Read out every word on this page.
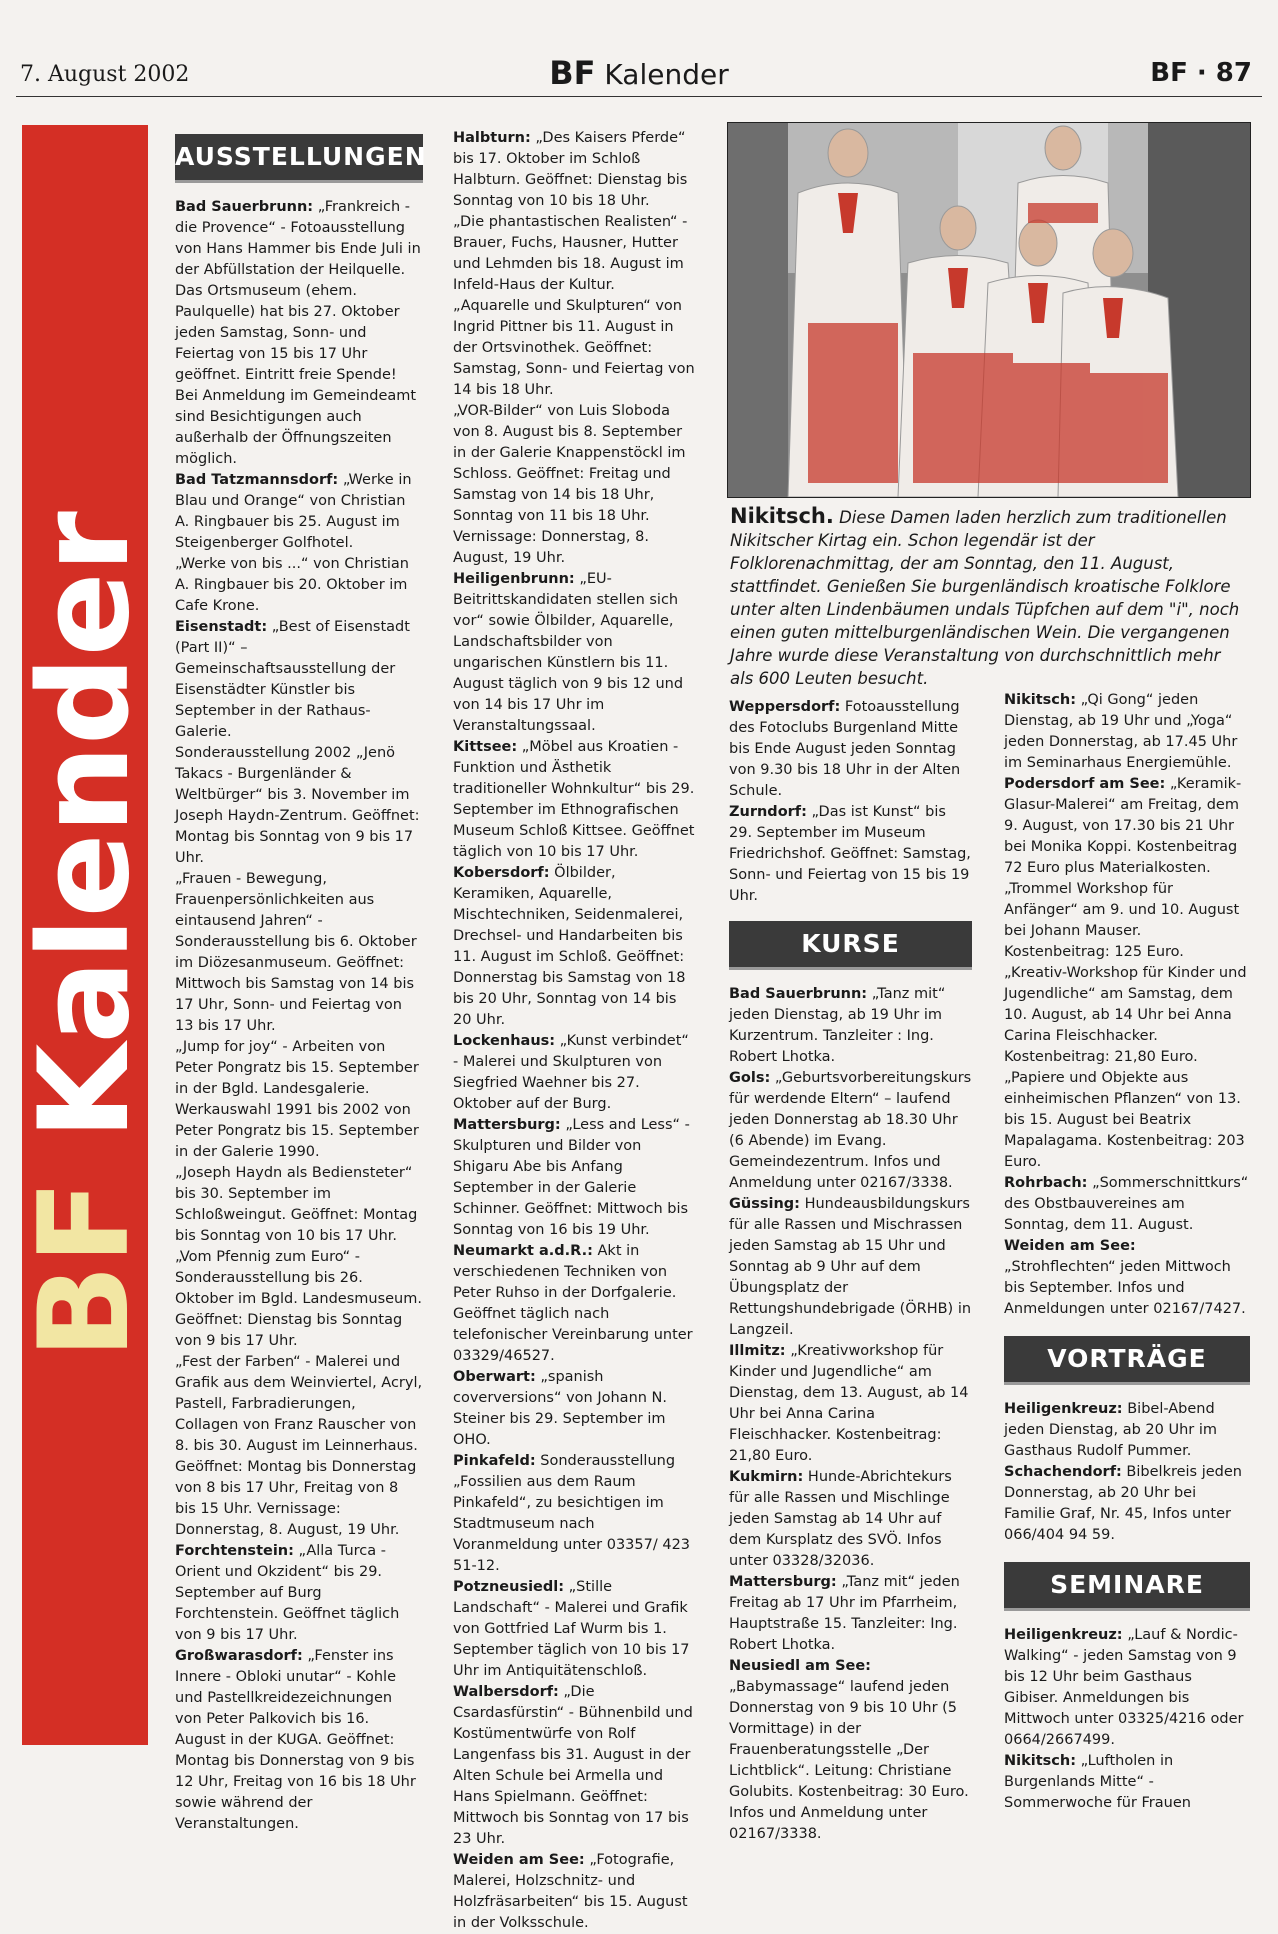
7. August 2002	BF Kalender	BF · 87
BFKalender
AUSSTELLUNGEN

Bad Sauerbrunn: „Frankreich - die Provence“ - Fotoausstellung von Hans Hammer bis Ende Juli in der Abfüllstation der Heilquelle.

Das Ortsmuseum (ehem. Paulquelle) hat bis 27. Oktober jeden Samstag, Sonn- und Feiertag von 15 bis 17 Uhr geöffnet. Eintritt freie Spende! Bei Anmeldung im Gemeindeamt sind Besichtigungen auch außerhalb der Öffnungszeiten möglich.

Bad Tatzmannsdorf: „Werke in Blau und Orange“ von Christian A. Ringbauer bis 25. August im Steigenberger Golfhotel.

„Werke von bis ...“ von Christian A. Ringbauer bis 20. Oktober im Cafe Krone.

Eisenstadt: „Best of Eisenstadt (Part II)“ – Gemeinschaftsausstellung der Eisenstädter Künstler bis September in der Rathaus-Galerie.

Sonderausstellung 2002 „Jenö Takacs - Burgenländer & Weltbürger“ bis 3. November im Joseph Haydn-Zentrum. Geöffnet: Montag bis Sonntag von 9 bis 17 Uhr.

„Frauen - Bewegung, Frauenpersönlichkeiten aus eintausend Jahren“ - Sonderausstellung bis 6. Oktober im Diözesanmuseum. Geöffnet: Mittwoch bis Samstag von 14 bis 17 Uhr, Sonn- und Feiertag von 13 bis 17 Uhr.

„Jump for joy“ - Arbeiten von Peter Pongratz bis 15. September in der Bgld. Landesgalerie.

Werkauswahl 1991 bis 2002 von Peter Pongratz bis 15. September in der Galerie 1990.

„Joseph Haydn als Bediensteter“ bis 30. September im Schloßweingut. Geöffnet: Montag bis Sonntag von 10 bis 17 Uhr.

„Vom Pfennig zum Euro“ - Sonderausstellung bis 26. Oktober im Bgld. Landesmuseum. Geöffnet: Dienstag bis Sonntag von 9 bis 17 Uhr.

„Fest der Farben“ - Malerei und Grafik aus dem Weinviertel, Acryl, Pastell, Farbradierungen, Collagen von Franz Rauscher von 8. bis 30. August im Leinnerhaus. Geöffnet: Montag bis Donnerstag von 8 bis 17 Uhr, Freitag von 8 bis 15 Uhr. Vernissage: Donnerstag, 8. August, 19 Uhr.

Forchtenstein: „Alla Turca - Orient und Okzident“ bis 29. September auf Burg Forchtenstein. Geöffnet täglich von 9 bis 17 Uhr.

Großwarasdorf: „Fenster ins Innere - Obloki unutar“ - Kohle und Pastellkreidezeichnungen von Peter Palkovich bis 16. August in der KUGA. Geöffnet: Montag bis Donnerstag von 9 bis 12 Uhr, Freitag von 16 bis 18 Uhr sowie während der Veranstaltungen.

Halbturn: „Des Kaisers Pferde“ bis 17. Oktober im Schloß Halbturn. Geöffnet: Dienstag bis Sonntag von 10 bis 18 Uhr.

„Die phantastischen Realisten“ - Brauer, Fuchs, Hausner, Hutter und Lehmden bis 18. August im Infeld-Haus der Kultur.

„Aquarelle und Skulpturen“ von Ingrid Pittner bis 11. August in der Ortsvinothek. Geöffnet: Samstag, Sonn- und Feiertag von 14 bis 18 Uhr.

„VOR-Bilder“ von Luis Sloboda von 8. August bis 8. September in der Galerie Knappenstöckl im Schloss. Geöffnet: Freitag und Samstag von 14 bis 18 Uhr, Sonntag von 11 bis 18 Uhr. Vernissage: Donnerstag, 8. August, 19 Uhr.

Heiligenbrunn: „EU-Beitrittskandidaten stellen sich vor“ sowie Ölbilder, Aquarelle, Landschaftsbilder von ungarischen Künstlern bis 11. August täglich von 9 bis 12 und von 14 bis 17 Uhr im Veranstaltungssaal.

Kittsee: „Möbel aus Kroatien - Funktion und Ästhetik traditioneller Wohnkultur“ bis 29. September im Ethnografischen Museum Schloß Kittsee. Geöffnet täglich von 10 bis 17 Uhr.

Kobersdorf: Ölbilder, Keramiken, Aquarelle, Mischtechniken, Seidenmalerei, Drechsel- und Handarbeiten bis 11. August im Schloß. Geöffnet: Donnerstag bis Samstag von 18 bis 20 Uhr, Sonntag von 14 bis 20 Uhr.

Lockenhaus: „Kunst verbindet“ - Malerei und Skulpturen von Siegfried Waehner bis 27. Oktober auf der Burg.

Mattersburg: „Less and Less“ - Skulpturen und Bilder von Shigaru Abe bis Anfang September in der Galerie Schinner. Geöffnet: Mittwoch bis Sonntag von 16 bis 19 Uhr.

Neumarkt a.d.R.: Akt in verschiedenen Techniken von Peter Ruhso in der Dorfgalerie. Geöffnet täglich nach telefonischer Vereinbarung unter 03329/46527.

Oberwart: „spanish coverversions“ von Johann N. Steiner bis 29. September im OHO.

Pinkafeld: Sonderausstellung „Fossilien aus dem Raum Pinkafeld“, zu besichtigen im Stadtmuseum nach Voranmeldung unter 03357/ 423 51-12.

Potzneusiedl: „Stille Landschaft“ - Malerei und Grafik von Gottfried Laf Wurm bis 1. September täglich von 10 bis 17 Uhr im Antiquitätenschloß.

Walbersdorf: „Die Csardasfürstin“ - Bühnenbild und Kostümentwürfe von Rolf Langenfass bis 31. August in der Alten Schule bei Armella und Hans Spielmann. Geöffnet: Mittwoch bis Sonntag von 17 bis 23 Uhr.

Weiden am See: „Fotografie, Malerei, Holzschnitz- und Holzfräsarbeiten“ bis 15. August in der Volksschule.

Nikitsch. Diese Damen laden herzlich zum traditionellen Nikitscher Kirtag ein. Schon legendär ist der Folklorenachmittag, der am Sonntag, den 11. August, stattfindet. Genießen Sie burgenländisch kroatische Folklore unter alten Lindenbäumen undals Tüpfchen auf dem "i", noch einen guten mittelburgenländischen Wein. Die vergangenen Jahre wurde diese Veranstaltung von durchschnittlich mehr als 600 Leuten besucht.

Weppersdorf: Fotoausstellung des Fotoclubs Burgenland Mitte bis Ende August jeden Sonntag von 9.30 bis 18 Uhr in der Alten Schule.

Zurndorf: „Das ist Kunst“ bis 29. September im Museum Friedrichshof. Geöffnet: Samstag, Sonn- und Feiertag von 15 bis 19 Uhr.

KURSE

Bad Sauerbrunn: „Tanz mit“ jeden Dienstag, ab 19 Uhr im Kurzentrum. Tanzleiter : Ing. Robert Lhotka.

Gols: „Geburtsvorbereitungskurs für werdende Eltern“ – laufend jeden Donnerstag ab 18.30 Uhr (6 Abende) im Evang. Gemeindezentrum. Infos und Anmeldung unter 02167/3338.

Güssing: Hundeausbildungskurs für alle Rassen und Mischrassen jeden Samstag ab 15 Uhr und Sonntag ab 9 Uhr auf dem Übungsplatz der Rettungshundebrigade (ÖRHB) in Langzeil.

Illmitz: „Kreativworkshop für Kinder und Jugendliche“ am Dienstag, dem 13. August, ab 14 Uhr bei Anna Carina Fleischhacker. Kostenbeitrag: 21,80 Euro.

Kukmirn: Hunde-Abrichtekurs für alle Rassen und Mischlinge jeden Samstag ab 14 Uhr auf dem Kursplatz des SVÖ. Infos unter 03328/32036.

Mattersburg: „Tanz mit“ jeden Freitag ab 17 Uhr im Pfarrheim, Hauptstraße 15. Tanzleiter: Ing. Robert Lhotka.

Neusiedl am See: „Babymassage“ laufend jeden Donnerstag von 9 bis 10 Uhr (5 Vormittage) in der Frauenberatungsstelle „Der Lichtblick“. Leitung: Christiane Golubits. Kostenbeitrag: 30 Euro. Infos und Anmeldung unter 02167/3338.

Nikitsch: „Qi Gong“ jeden Dienstag, ab 19 Uhr und „Yoga“ jeden Donnerstag, ab 17.45 Uhr im Seminarhaus Energiemühle.

Podersdorf am See: „Keramik-Glasur-Malerei“ am Freitag, dem 9. August, von 17.30 bis 21 Uhr bei Monika Koppi. Kostenbeitrag 72 Euro plus Materialkosten.

„Trommel Workshop für Anfänger“ am 9. und 10. August bei Johann Mauser. Kostenbeitrag: 125 Euro.

„Kreativ-Workshop für Kinder und Jugendliche“ am Samstag, dem 10. August, ab 14 Uhr bei Anna Carina Fleischhacker. Kostenbeitrag: 21,80 Euro.

„Papiere und Objekte aus einheimischen Pflanzen“ von 13. bis 15. August bei Beatrix Mapalagama. Kostenbeitrag: 203 Euro.

Rohrbach: „Sommerschnittkurs“ des Obstbauvereines am Sonntag, dem 11. August.

Weiden am See: „Strohflechten“ jeden Mittwoch bis September. Infos und Anmeldungen unter 02167/7427.

VORTRÄGE

Heiligenkreuz: Bibel-Abend jeden Dienstag, ab 20 Uhr im Gasthaus Rudolf Pummer.

Schachendorf: Bibelkreis jeden Donnerstag, ab 20 Uhr bei Familie Graf, Nr. 45, Infos unter 066/404 94 59.

SEMINARE

Heiligenkreuz: „Lauf & Nordic-Walking“ - jeden Samstag von 9 bis 12 Uhr beim Gasthaus Gibiser. Anmeldungen bis Mittwoch unter 03325/4216 oder 0664/2667499.

Nikitsch: „Luftholen in Burgenlands Mitte“ - Sommerwoche für Frauen
